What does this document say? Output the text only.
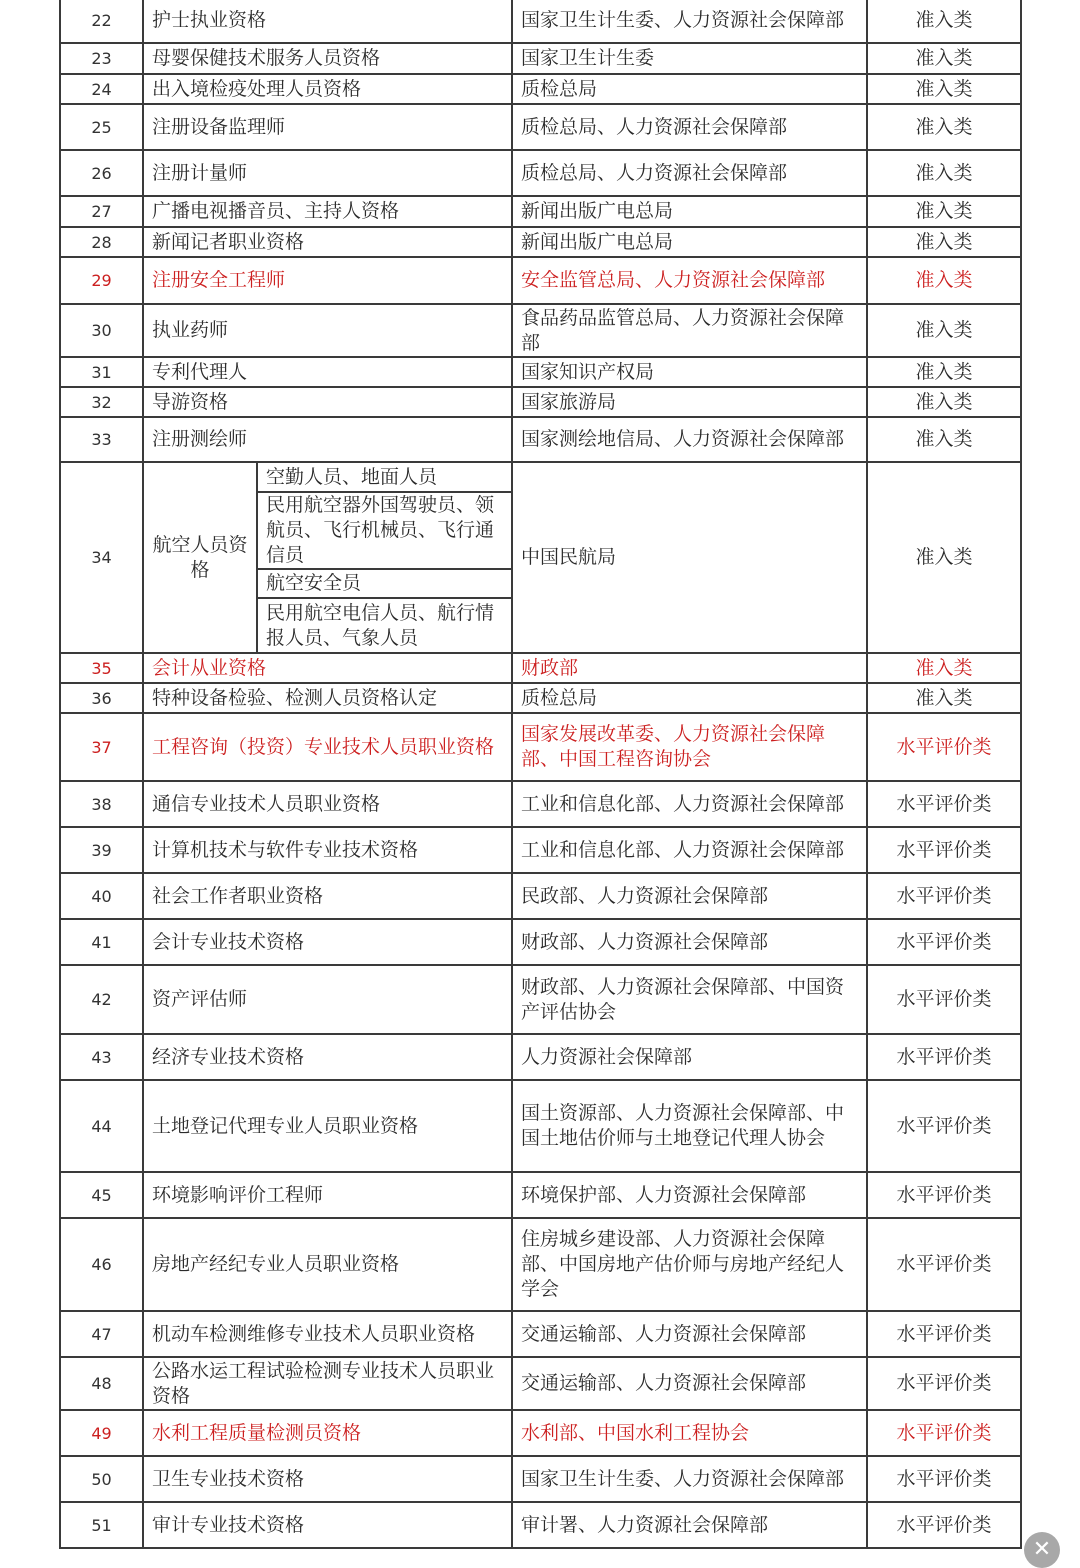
22	护士执业资格		国家卫生计生委、人力资源社会保障部	准入类
23	母婴保健技术服务人员资格		国家卫生计生委	准入类
24	出入境检疫处理人员资格		质检总局	准入类
25	注册设备监理师		质检总局、人力资源社会保障部	准入类
26	注册计量师		质检总局、人力资源社会保障部	准入类
27	广播电视播音员、主持人资格		新闻出版广电总局	准入类
28	新闻记者职业资格		新闻出版广电总局	准入类
29	注册安全工程师		安全监管总局、人力资源社会保障部	准入类
30	执业药师		食品药品监管总局、人力资源社会保障部	准入类
31	专利代理人		国家知识产权局	准入类
32	导游资格		国家旅游局	准入类
33	注册测绘师		国家测绘地信局、人力资源社会保障部	准入类
34	航空人员资格	空勤人员、地面人员	中国民航局	准入类
		民用航空器外国驾驶员、领航员、飞行机械员、飞行通信员		
		航空安全员		
		民用航空电信人员、航行情报人员、气象人员		
35	会计从业资格		财政部	准入类
36	特种设备检验、检测人员资格认定		质检总局	准入类
37	工程咨询（投资）专业技术人员职业资格		国家发展改革委、人力资源社会保障部、中国工程咨询协会	水平评价类
38	通信专业技术人员职业资格		工业和信息化部、人力资源社会保障部	水平评价类
39	计算机技术与软件专业技术资格		工业和信息化部、人力资源社会保障部	水平评价类
40	社会工作者职业资格		民政部、人力资源社会保障部	水平评价类
41	会计专业技术资格		财政部、人力资源社会保障部	水平评价类
42	资产评估师		财政部、人力资源社会保障部、中国资产评估协会	水平评价类
43	经济专业技术资格		人力资源社会保障部	水平评价类
44	土地登记代理专业人员职业资格		国土资源部、人力资源社会保障部、中国土地估价师与土地登记代理人协会	水平评价类
45	环境影响评价工程师		环境保护部、人力资源社会保障部	水平评价类
46	房地产经纪专业人员职业资格		住房城乡建设部、人力资源社会保障部、中国房地产估价师与房地产经纪人学会	水平评价类
47	机动车检测维修专业技术人员职业资格		交通运输部、人力资源社会保障部	水平评价类
48	公路水运工程试验检测专业技术人员职业资格		交通运输部、人力资源社会保障部	水平评价类
49	水利工程质量检测员资格		水利部、中国水利工程协会	水平评价类
50	卫生专业技术资格		国家卫生计生委、人力资源社会保障部	水平评价类
51	审计专业技术资格		审计署、人力资源社会保障部	水平评价类
✕
